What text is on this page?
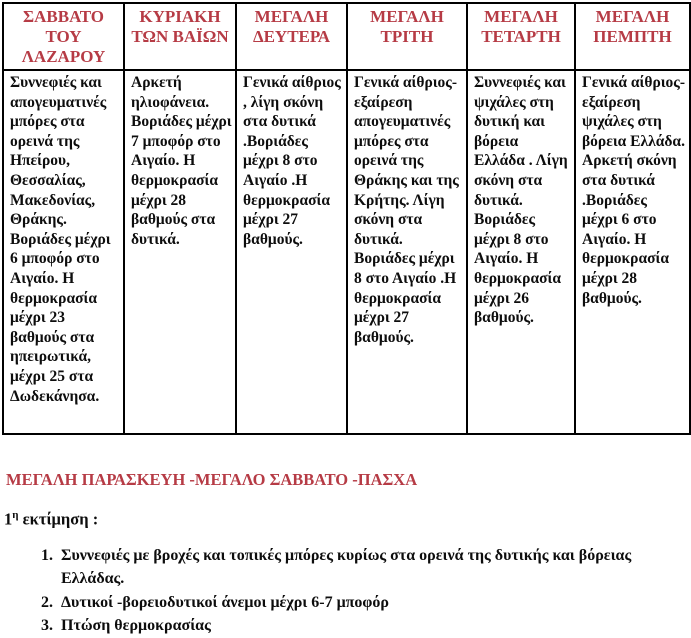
ΣΑΒΒΑΤΟ ΤΟΥ ΛΑΖΑΡΟΥ	ΚΥΡΙΑΚΗ ΤΩΝ ΒΑΪΩΝ	ΜΕΓΑΛΗ ΔΕΥΤΕΡΑ	ΜΕΓΑΛΗ ΤΡΙΤΗ	ΜΕΓΑΛΗ ΤΕΤΑΡΤΗ	ΜΕΓΑΛΗ ΠΕΜΠΤΗ
Συννεφιές και απογευματινές μπόρες στα ορεινά της Ηπείρου, Θεσσαλίας, Μακεδονίας, Θράκης. Βοριάδες μέχρι 6 μποφόρ στο Αιγαίο. Η θερμοκρασία μέχρι 23 βαθμούς στα ηπειρωτικά, μέχρι 25 στα Δωδεκάνησα.	Αρκετή ηλιοφάνεια. Βοριάδες μέχρι 7 μποφόρ στο Αιγαίο. Η θερμοκρασία μέχρι 28 βαθμούς στα δυτικά.	Γενικά αίθριος , λίγη σκόνη στα δυτικά .Βοριάδες μέχρι 8 στο Αιγαίο .Η θερμοκρασία μέχρι 27 βαθμούς.	Γενικά αίθριος- εξαίρεση απογευματινές μπόρες στα ορεινά της Θράκης και της Κρήτης. Λίγη σκόνη στα δυτικά. Βοριάδες μέχρι 8 στο Αιγαίο .Η θερμοκρασία μέχρι 27 βαθμούς.	Συννεφιές και ψιχάλες στη δυτική και βόρεια Ελλάδα . Λίγη σκόνη στα δυτικά. Βοριάδες μέχρι 8 στο Αιγαίο. Η θερμοκρασία μέχρι 26 βαθμούς.	Γενικά αίθριος- εξαίρεση ψιχάλες στη βόρεια Ελλάδα. Αρκετή σκόνη στα δυτικά .Βοριάδες μέχρι 6 στο Αιγαίο. Η θερμοκρασία μέχρι 28 βαθμούς.
ΜΕΓΑΛΗ ΠΑΡΑΣΚΕΥΗ -ΜΕΓΑΛΟ ΣΑΒΒΑΤΟ -ΠΑΣΧΑ
$1^\eta$ εκτίμηση :
1. Συννεφιές με βροχές και τοπικές μπόρες κυρίως στα ορεινά της δυτικής και βόρειας Ελλάδας.
2. Δυτικοί -βορειοδυτικοί άνεμοι μέχρι 6-7 μποφόρ
3. Πτώση θερμοκρασίας
